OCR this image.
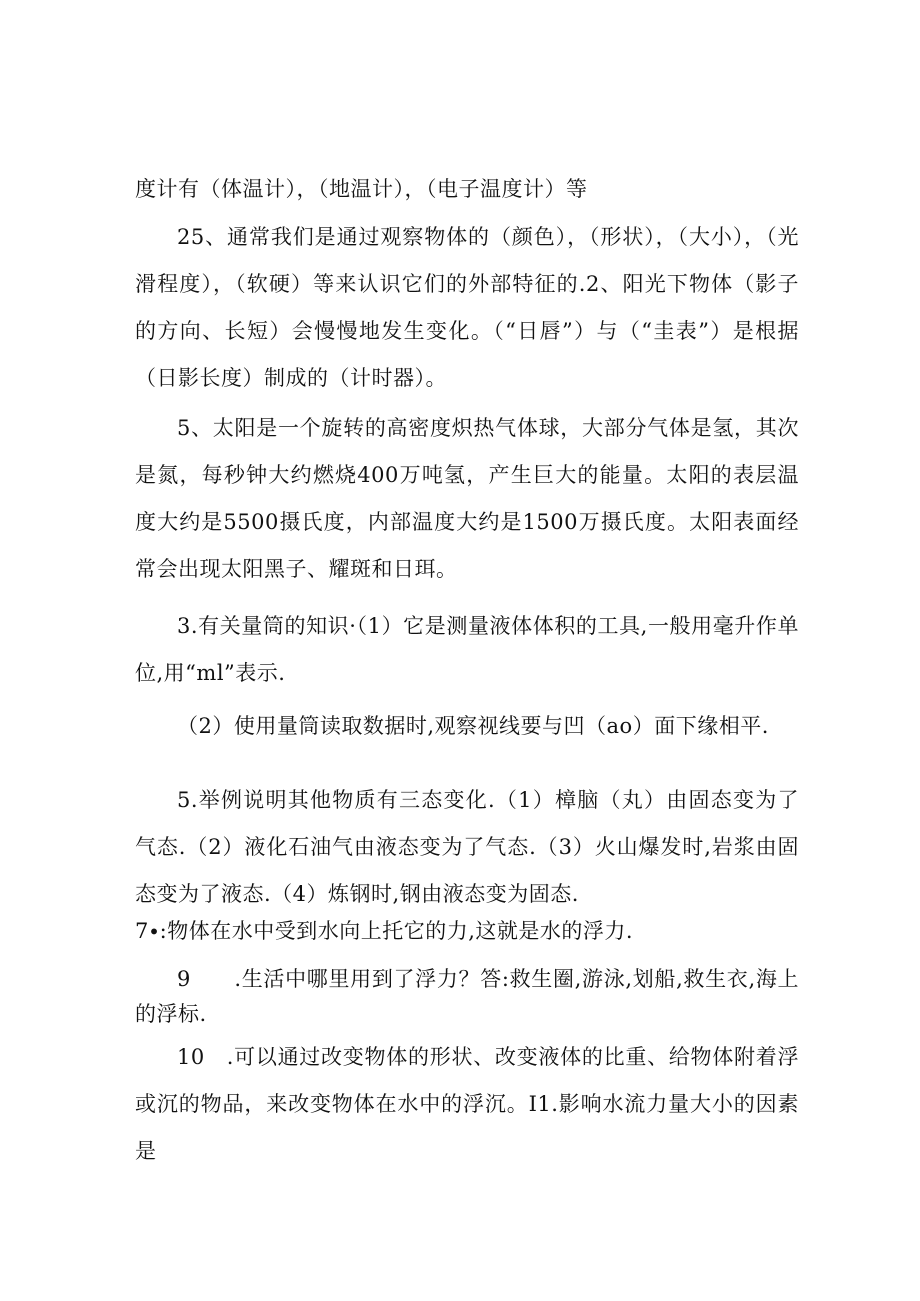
度计有（体温计），（地温计），（电子温度计）等

25、通常我们是通过观察物体的（颜色），（形状），（大小），（光滑程度），（软硬）等来认识它们的外部特征的.2、阳光下物体（影子的方向、长短）会慢慢地发生变化。（“日唇”）与（“圭表”）是根据（日影长度）制成的（计时器）。

5、太阳是一个旋转的高密度炽热气体球，大部分气体是氢，其次是氮，每秒钟大约燃烧400万吨氢，产生巨大的能量。太阳的表层温度大约是5500摄氏度，内部温度大约是1500万摄氏度。太阳表面经常会出现太阳黑子、耀斑和日珥。

3.有关量筒的知识·（1）它是测量液体体积的工具,一般用毫升作单位,用“ml”表示.

（2）使用量筒读取数据时,观察视线要与凹（ao）面下缘相平.

5.举例说明其他物质有三态变化.（1）樟脑（丸）由固态变为了气态.（2）液化石油气由液态变为了气态.（3）火山爆发时,岩浆由固态变为了液态.（4）炼钢时,钢由液态变为固态.

7∙:物体在水中受到水向上托它的力,这就是水的浮力.

9　　.生活中哪里用到了浮力？答:救生圈,游泳,划船,救生衣,海上的浮标.

10　.可以通过改变物体的形状、改变液体的比重、给物体附着浮或沉的物品，来改变物体在水中的浮沉。I1.影响水流力量大小的因素是
